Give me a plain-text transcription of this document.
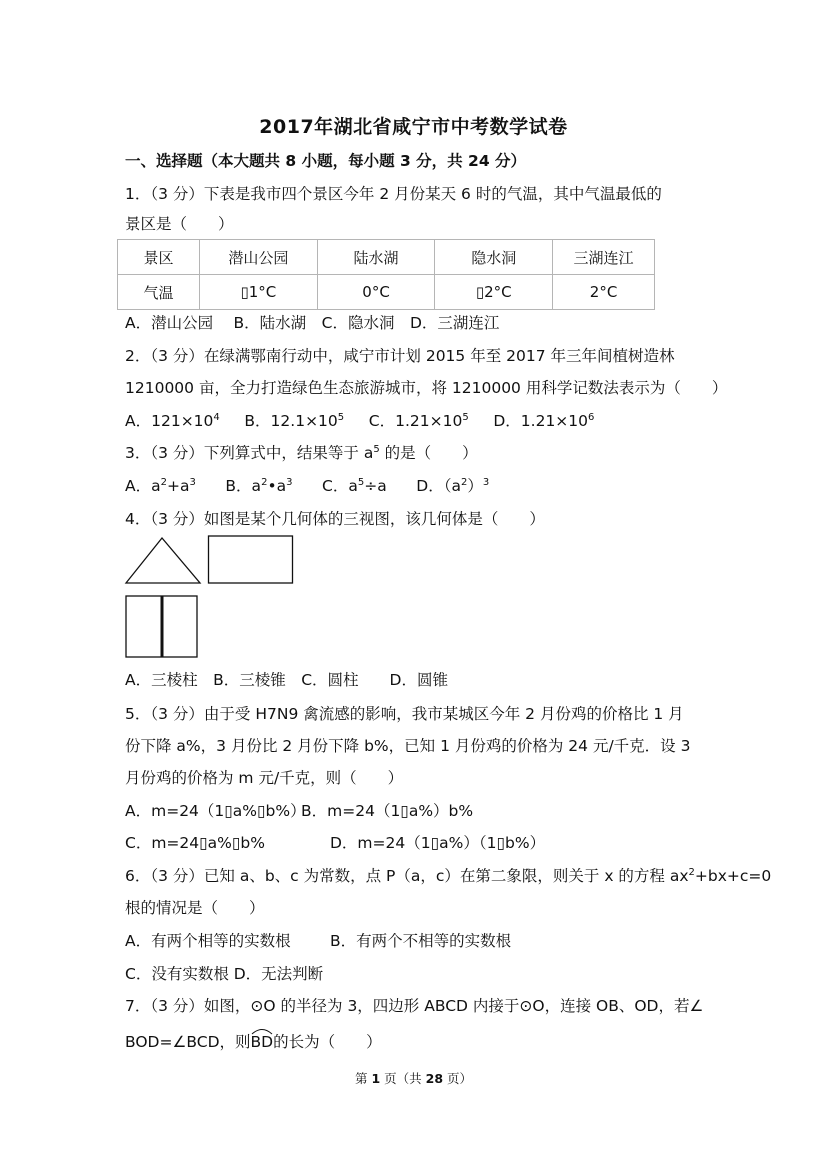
2017年湖北省咸宁市中考数学试卷
一、选择题（本大题共 8 小题，每小题 3 分，共 24 分）
1．（3 分）下表是我市四个景区今年 2 月份某天 6 时的气温，其中气温最低的
景区是（　　）
景区	潜山公园	陆水湖	隐水洞	三湖连江
气温	▯1°C	0°C	▯2°C	2°C
A．潜山公园　 B．陆水湖　C．隐水洞　D．三湖连江
2．（3 分）在绿满鄂南行动中，咸宁市计划 2015 年至 2017 年三年间植树造林
1210000 亩，全力打造绿色生态旅游城市，将 1210000 用科学记数法表示为（　　）
A．$121\times 10^4$ B．$12.1\times 10^5$ C．$1.21\times 10^5$ D．$1.21\times 10^6$
3．（3 分）下列算式中，结果等于 $a^5$ 的是（　　）
A．$a^2+a^3$ B．$a^2•a^3$ C．$a^5\div a$ D．$(a^2)^3$
4．（3 分）如图是某个几何体的三视图，该几何体是（　　）
A．三棱柱　B．三棱锥　C．圆柱　　D．圆锥
5．（3 分）由于受 H7N9 禽流感的影响，我市某城区今年 2 月份鸡的价格比 1 月
份下降 a%，3 月份比 2 月份下降 b%，已知 1 月份鸡的价格为 24 元/千克．设 3
月份鸡的价格为 m 元/千克，则（　　）
A．m=24（1▯a%▯b%）
B．m=24（1▯a%）b%
C．m=24▯a%▯b%	D．m=24（1▯a%）（1▯b%）
6．（3 分）已知 a、b、c 为常数，点 P（a，c）在第二象限，则关于 x 的方程 $ax^2+bx+c=0$
根的情况是（　　）
A．有两个相等的实数根	B．有两个不相等的实数根
C．没有实数根 D．无法判断
7．（3 分）如图，⊙O 的半径为 3，四边形 ABCD 内接于⊙O，连接 OB、OD，若∠
BOD=∠BCD，则
BD的长为（　　）
第 1 页（共 28 页）
